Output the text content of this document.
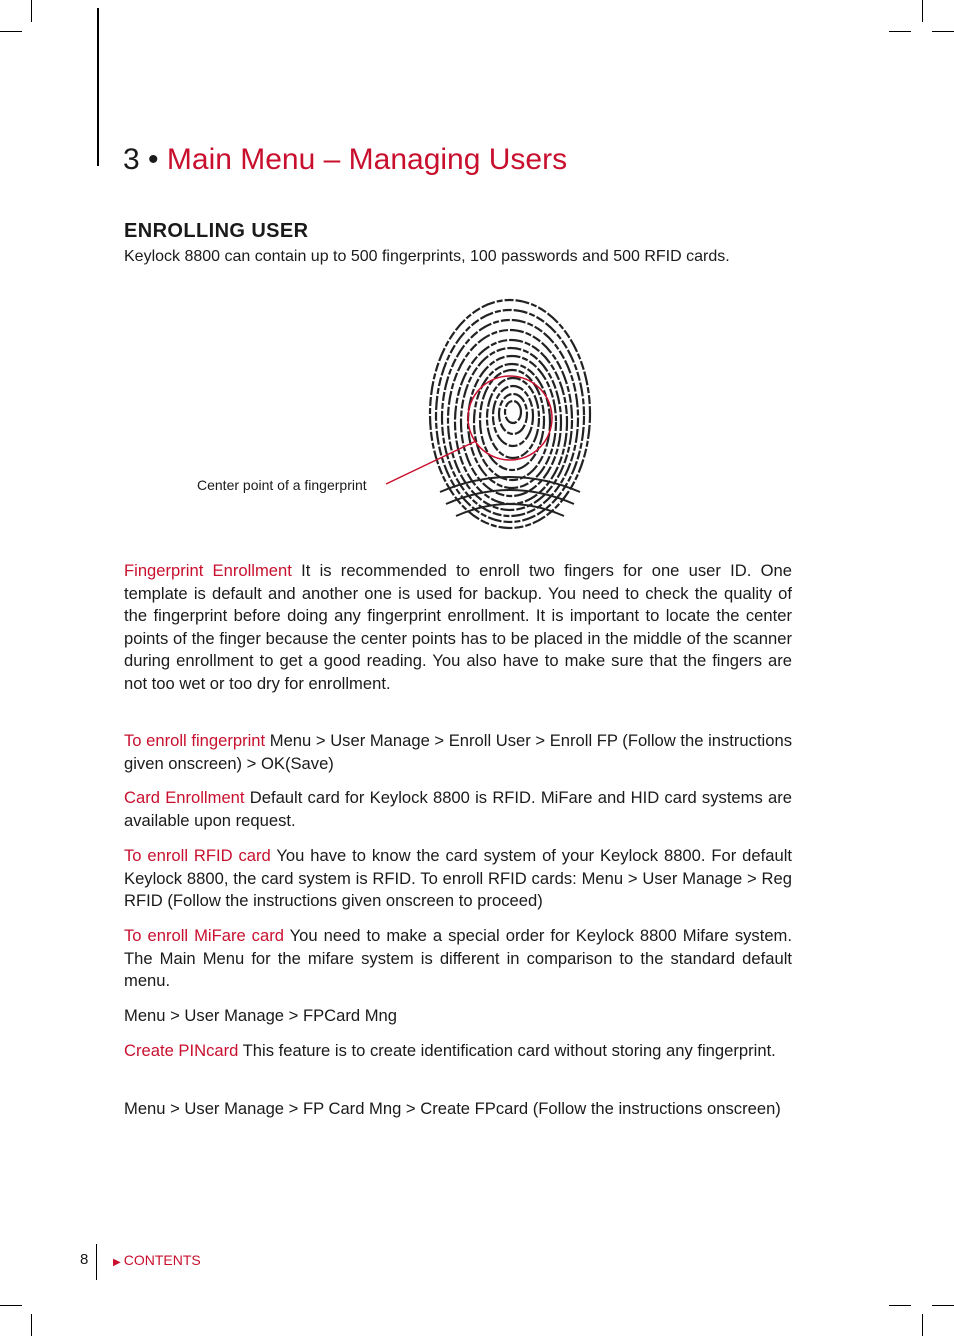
3 • Main Menu – Managing Users
ENROLLING USER
Keylock 8800 can contain up to 500 fingerprints, 100 passwords and 500 RFID cards.
Center point of a fingerprint

Fingerprint Enrollment It is recommended to enroll two fingers for one user ID. One template is default and another one is used for backup. You need to check the quality of the fingerprint before doing any fingerprint enrollment. It is important to locate the center points of the finger because the center points has to be placed in the middle of the scanner during enrollment to get a good reading. You also have to make sure that the fingers are not too wet or too dry for enrollment.

To enroll fingerprint Menu > User Manage > Enroll User > Enroll FP (Follow the instructions given onscreen) > OK(Save)

Card Enrollment Default card for Keylock 8800 is RFID. MiFare and HID card systems are available upon request.

To enroll RFID card You have to know the card system of your Keylock 8800. For default Keylock 8800, the card system is RFID. To enroll RFID cards: Menu > User Manage > Reg RFID (Follow the instructions given onscreen to proceed)

To enroll MiFare card You need to make a special order for Keylock 8800 Mifare system. The Main Menu for the mifare system is different in comparison to the standard default menu.

Menu > User Manage > FPCard Mng

Create PINcard This feature is to create identification card without storing any fingerprint.

Menu > User Manage > FP Card Mng > Create FPcard (Follow the instructions onscreen)

8 ▶ CONTENTS
